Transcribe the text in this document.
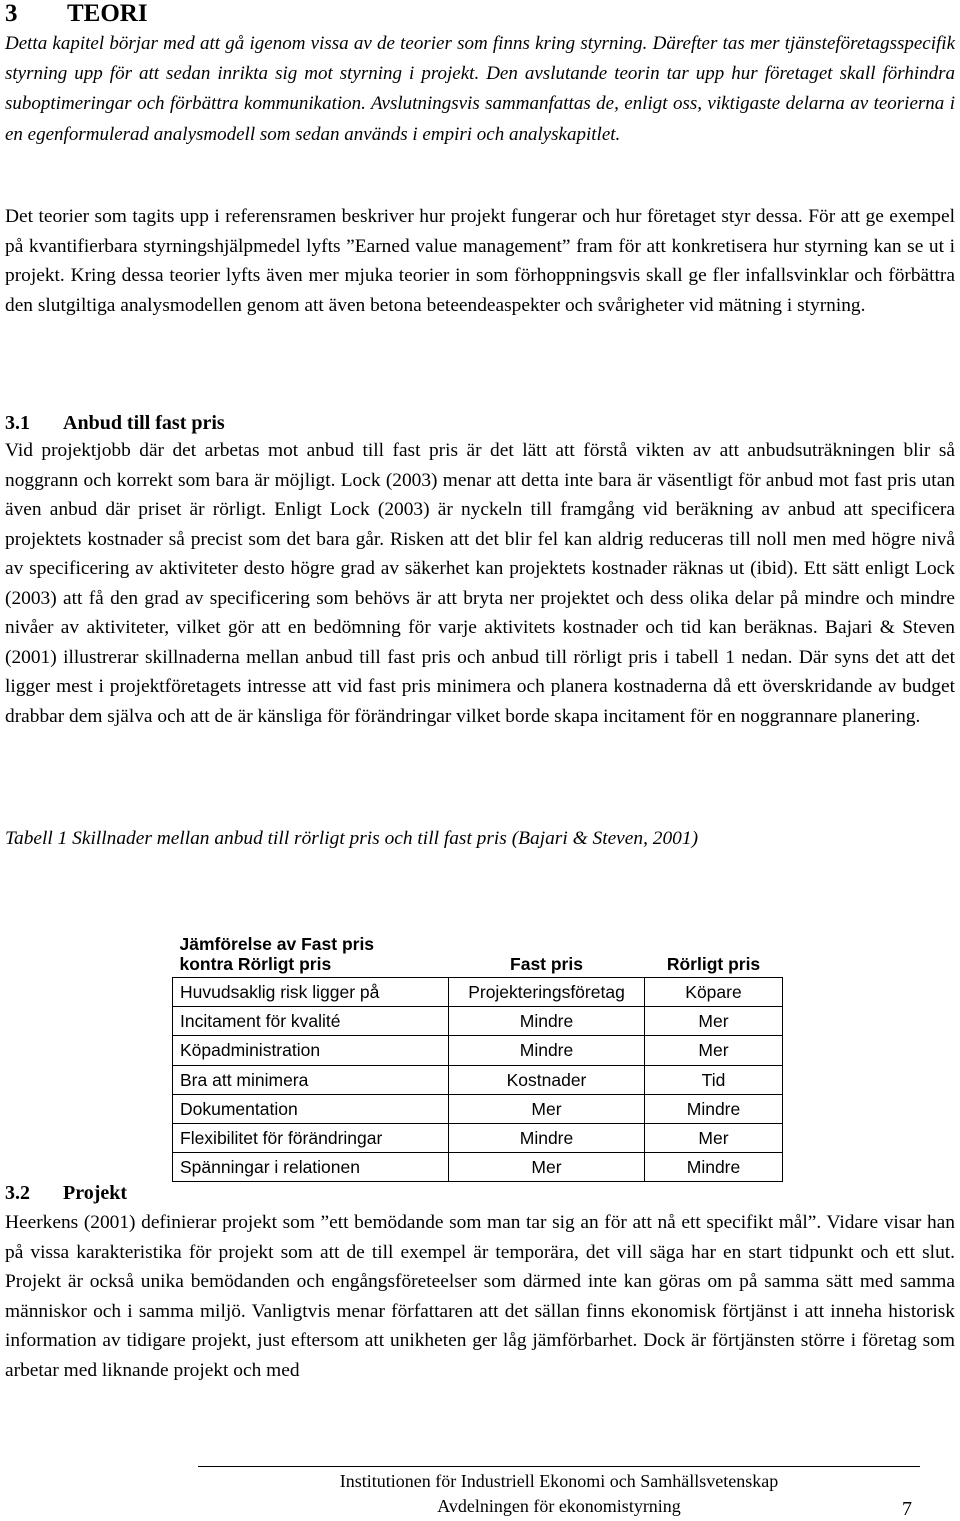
3 TEORI

Detta kapitel börjar med att gå igenom vissa av de teorier som finns kring styrning. Därefter tas mer tjänsteföretagsspecifik styrning upp för att sedan inrikta sig mot styrning i projekt. Den avslutande teorin tar upp hur företaget skall förhindra suboptimeringar och förbättra kommunikation. Avslutningsvis sammanfattas de, enligt oss, viktigaste delarna av teorierna i en egenformulerad analysmodell som sedan används i empiri och analyskapitlet.

Det teorier som tagits upp i referensramen beskriver hur projekt fungerar och hur företaget styr dessa. För att ge exempel på kvantifierbara styrningshjälpmedel lyfts ”Earned value management” fram för att konkretisera hur styrning kan se ut i projekt. Kring dessa teorier lyfts även mer mjuka teorier in som förhoppningsvis skall ge fler infallsvinklar och förbättra den slutgiltiga analysmodellen genom att även betona beteendeaspekter och svårigheter vid mätning i styrning.

3.1 Anbud till fast pris

Vid projektjobb där det arbetas mot anbud till fast pris är det lätt att förstå vikten av att anbudsuträkningen blir så noggrann och korrekt som bara är möjligt. Lock (2003) menar att detta inte bara är väsentligt för anbud mot fast pris utan även anbud där priset är rörligt. Enligt Lock (2003) är nyckeln till framgång vid beräkning av anbud att specificera projektets kostnader så precist som det bara går. Risken att det blir fel kan aldrig reduceras till noll men med högre nivå av specificering av aktiviteter desto högre grad av säkerhet kan projektets kostnader räknas ut (ibid). Ett sätt enligt Lock (2003) att få den grad av specificering som behövs är att bryta ner projektet och dess olika delar på mindre och mindre nivåer av aktiviteter, vilket gör att en bedömning för varje aktivitets kostnader och tid kan beräknas. Bajari & Steven (2001) illustrerar skillnaderna mellan anbud till fast pris och anbud till rörligt pris i tabell 1 nedan. Där syns det att det ligger mest i projektföretagets intresse att vid fast pris minimera och planera kostnaderna då ett överskridande av budget drabbar dem själva och att de är känsliga för förändringar vilket borde skapa incitament för en noggrannare planering.

Tabell 1 Skillnader mellan anbud till rörligt pris och till fast pris (Bajari & Steven, 2001)

Jämförelse av Fast pris
kontra Rörligt pris	Fast pris	Rörligt pris
Huvudsaklig risk ligger på	Projekteringsföretag	Köpare
Incitament för kvalité	Mindre	Mer
Köpadministration	Mindre	Mer
Bra att minimera	Kostnader	Tid
Dokumentation	Mer	Mindre
Flexibilitet för förändringar	Mindre	Mer
Spänningar i relationen	Mer	Mindre
3.2 Projekt

Heerkens (2001) definierar projekt som ”ett bemödande som man tar sig an för att nå ett specifikt mål”. Vidare visar han på vissa karakteristika för projekt som att de till exempel är temporära, det vill säga har en start tidpunkt och ett slut. Projekt är också unika bemödanden och engångsföreteelser som därmed inte kan göras om på samma sätt med samma människor och i samma miljö. Vanligtvis menar författaren att det sällan finns ekonomisk förtjänst i att inneha historisk information av tidigare projekt, just eftersom att unikheten ger låg jämförbarhet. Dock är förtjänsten större i företag som arbetar med liknande projekt och med

Institutionen för Industriell Ekonomi och Samhällsvetenskap
Avdelningen för ekonomistyrning	7
